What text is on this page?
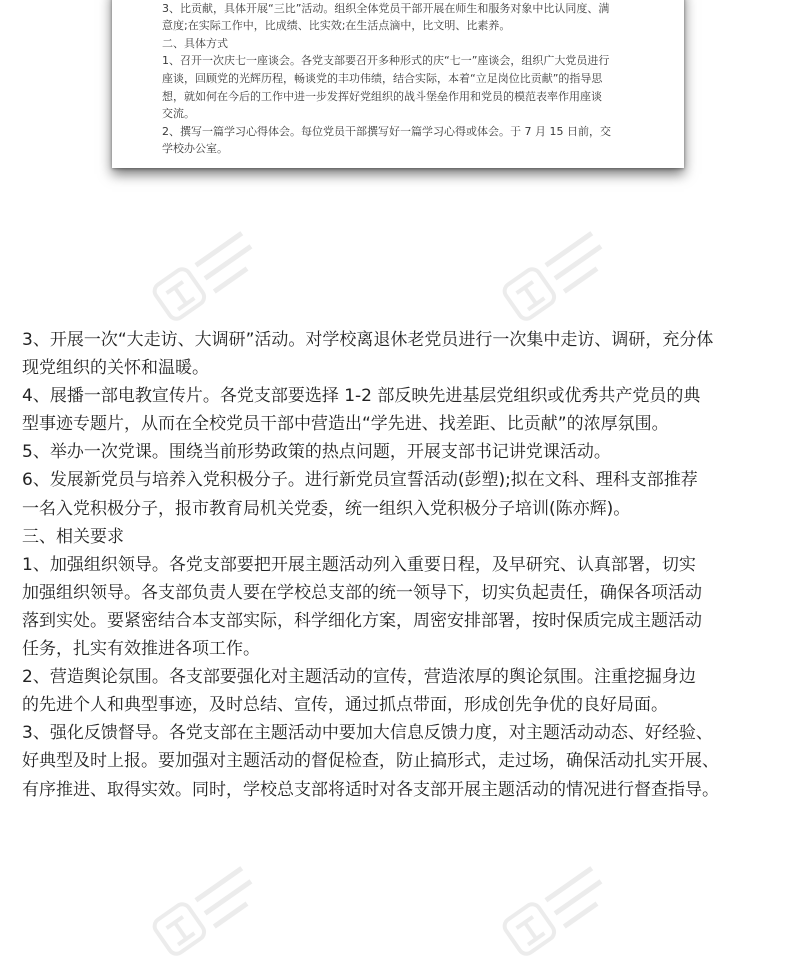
3、比贡献，具体开展“三比”活动。组织全体党员干部开展在师生和服务对象中比认同度、满
意度;在实际工作中，比成绩、比实效;在生活点滴中，比文明、比素养。
二、具体方式
1、召开一次庆七一座谈会。各党支部要召开多种形式的庆“七一”座谈会，组织广大党员进行
座谈，回顾党的光辉历程，畅谈党的丰功伟绩，结合实际，本着“立足岗位比贡献”的指导思
想，就如何在今后的工作中进一步发挥好党组织的战斗堡垒作用和党员的模范表率作用座谈
交流。
2、撰写一篇学习心得体会。每位党员干部撰写好一篇学习心得或体会。于 7 月 15 日前，交
学校办公室。
3、开展一次“大走访、大调研”活动。对学校离退休老党员进行一次集中走访、调研，充分体
现党组织的关怀和温暖。
4、展播一部电教宣传片。各党支部要选择 1-2 部反映先进基层党组织或优秀共产党员的典
型事迹专题片，从而在全校党员干部中营造出“学先进、找差距、比贡献”的浓厚氛围。
5、举办一次党课。围绕当前形势政策的热点问题，开展支部书记讲党课活动。
6、发展新党员与培养入党积极分子。进行新党员宣誓活动(彭塑);拟在文科、理科支部推荐
一名入党积极分子，报市教育局机关党委，统一组织入党积极分子培训(陈亦辉)。
三、相关要求
1、加强组织领导。各党支部要把开展主题活动列入重要日程，及早研究、认真部署，切实
加强组织领导。各支部负责人要在学校总支部的统一领导下，切实负起责任，确保各项活动
落到实处。要紧密结合本支部实际，科学细化方案，周密安排部署，按时保质完成主题活动
任务，扎实有效推进各项工作。
2、营造舆论氛围。各支部要强化对主题活动的宣传，营造浓厚的舆论氛围。注重挖掘身边
的先进个人和典型事迹，及时总结、宣传，通过抓点带面，形成创先争优的良好局面。
3、强化反馈督导。各党支部在主题活动中要加大信息反馈力度，对主题活动动态、好经验、
好典型及时上报。要加强对主题活动的督促检查，防止搞形式，走过场，确保活动扎实开展、
有序推进、取得实效。同时，学校总支部将适时对各支部开展主题活动的情况进行督查指导。
